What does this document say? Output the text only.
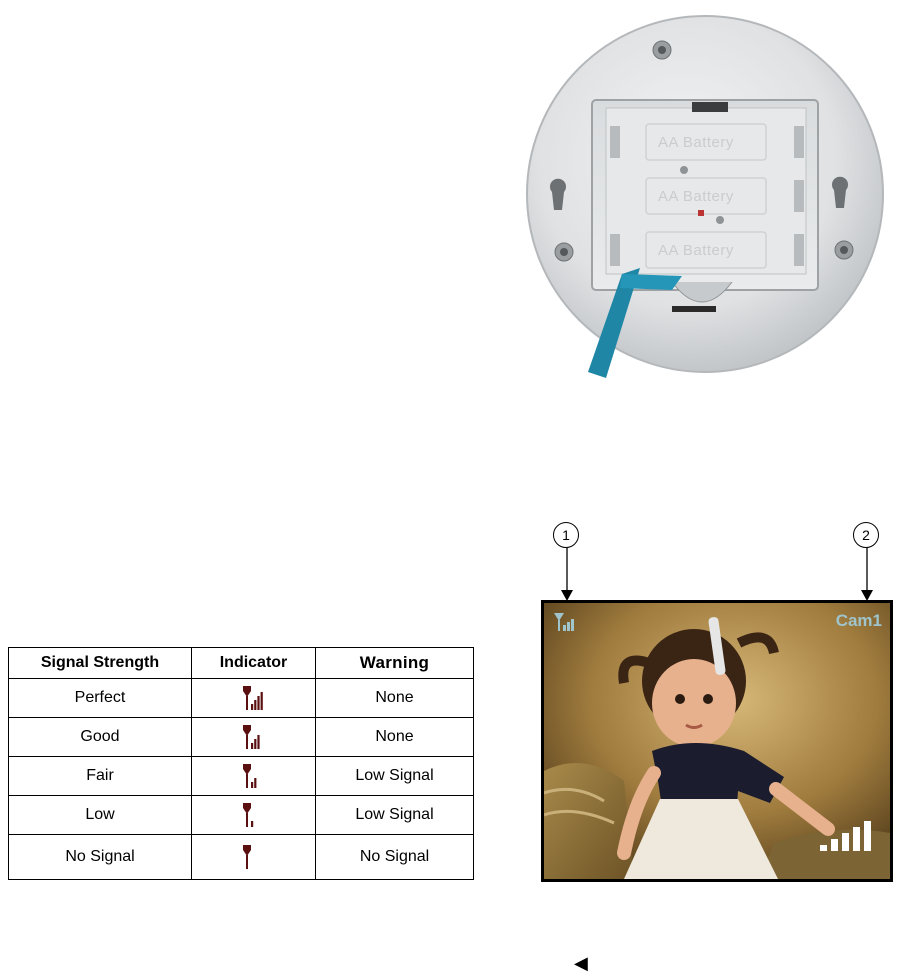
AA Battery
AA Battery
AA Battery
Signal Strength	Indicator	Warning
Perfect		None
Good		None
Fair		Low Signal
Low		Low Signal
No Signal		No Signal
1	2
Cam1
◀
